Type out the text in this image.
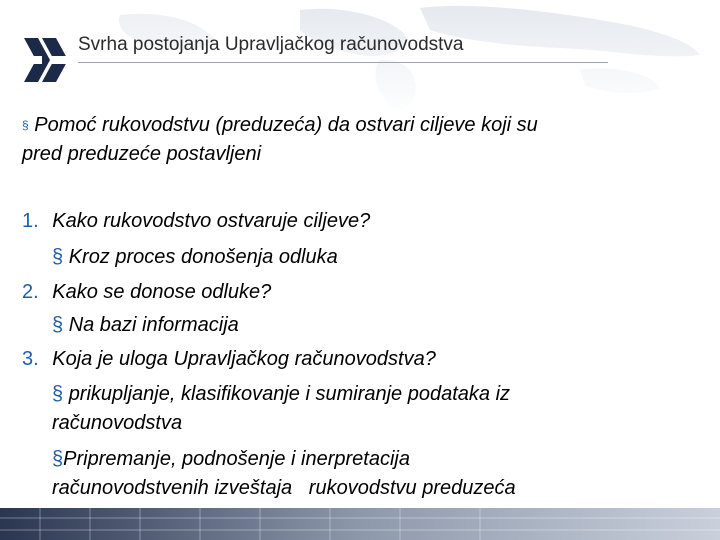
Svrha postojanja Upravljačkog računovodstva
§ Pomoć rukovodstvu (preduzeća) da ostvari ciljeve koji su
pred preduzeće postavljeni
1. Kako rukovodstvo ostvaruje ciljeve?
§ Kroz proces donošenja odluka
2. Kako se donose odluke?
§ Na bazi informacija
3. Koja je uloga Upravljačkog računovodstva?
§ prikupljanje, klasifikovanje i sumiranje podataka iz
računovodstva
§Pripremanje, podnošenje i inerpretacija
računovodstvenih izveštaja   rukovodstvu preduzeća
